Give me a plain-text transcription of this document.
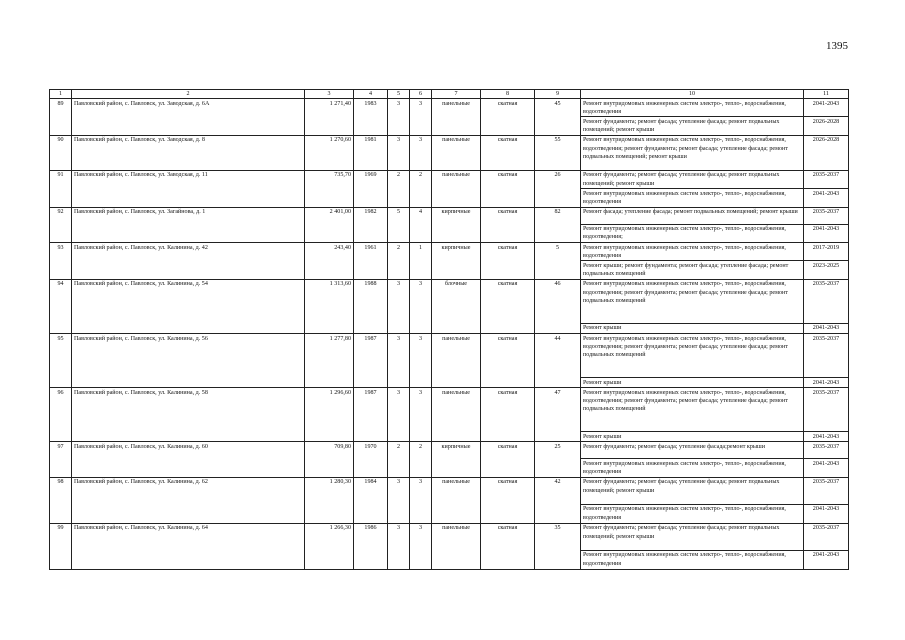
1395
1	2	3	4	5	6	7	8	9	10	11
89	Павловский район, с. Павловск, ул. Заводская, д. 6А	1 271,40	1983	3	3	панельные	скатная	45	Ремонт внутридомовых инженерных систем электро-, тепло-, водоснабжения, водоотведения	2041-2043
									Ремонт фундамента; ремонт фасада; утепление фасада; ремонт подвальных помещений; ремонт крыши	2026-2028
90	Павловский район, с. Павловск, ул. Заводская, д. 8	1 270,60	1981	3	3	панельные	скатная	55	Ремонт внутридомовых инженерных систем электро-, тепло-, водоснабжения, водоотведения; ремонт фундамента; ремонт фасада; утепление фасада; ремонт подвальных помещений; ремонт крыши	2026-2028
91	Павловский район, с. Павловск, ул. Заводская, д. 11	735,70	1969	2	2	панельные	скатная	26	Ремонт фундамента; ремонт фасада; утепление фасада; ремонт подвальных помещений; ремонт крыши	2035-2037
									Ремонт внутридомовых инженерных систем электро-, тепло-, водоснабжения, водоотведения	2041-2043
92	Павловский район, с. Павловск, ул. Загайнова, д. 1	2 401,00	1982	5	4	кирпичные	скатная	82	Ремонт фасада; утепление фасада; ремонт подвальных помещений; ремонт крыши	2035-2037
									Ремонт внутридомовых инженерных систем электро-, тепло-, водоснабжения, водоотведения;	2041-2043
93	Павловский район, с. Павловск, ул. Калинина, д. 42	243,40	1961	2	1	кирпичные	скатная	5	Ремонт внутридомовых инженерных систем электро-, тепло-, водоснабжения, водоотведения	2017-2019
									Ремонт крыши; ремонт фундамента; ремонт фасада; утепление фасада; ремонт подвальных помещений	2023-2025
94	Павловский район, с. Павловск, ул. Калинина, д. 54	1 313,60	1988	3	3	блочные	скатная	46	Ремонт внутридомовых инженерных систем электро-, тепло-, водоснабжения, водоотведения; ремонт фундамента; ремонт фасада; утепление фасада; ремонт подвальных помещений	2035-2037
									Ремонт крыши	2041-2043
95	Павловский район, с. Павловск, ул. Калинина, д. 56	1 277,80	1987	3	3	панельные	скатная	44	Ремонт внутридомовых инженерных систем электро-, тепло-, водоснабжения, водоотведения; ремонт фундамента; ремонт фасада; утепление фасада; ремонт подвальных помещений	2035-2037
									Ремонт крыши	2041-2043
96	Павловский район, с. Павловск, ул. Калинина, д. 58	1 296,60	1987	3	3	панельные	скатная	47	Ремонт внутридомовых инженерных систем электро-, тепло-, водоснабжения, водоотведения; ремонт фундамента; ремонт фасада; утепление фасада; ремонт подвальных помещений	2035-2037
									Ремонт крыши	2041-2043
97	Павловский район, с. Павловск, ул. Калинина, д. 60	709,80	1970	2	2	кирпичные	скатная	25	Ремонт фундамента; ремонт фасада; утепление фасада;ремонт крыши	2035-2037
									Ремонт внутридомовых инженерных систем электро-, тепло-, водоснабжения, водоотведения	2041-2043
98	Павловский район, с. Павловск, ул. Калинина, д. 62	1 280,30	1984	3	3	панельные	скатная	42	Ремонт фундамента; ремонт фасада; утепление фасада; ремонт подвальных помещений; ремонт крыши	2035-2037
									Ремонт внутридомовых инженерных систем электро-, тепло-, водоснабжения, водоотведения	2041-2043
99	Павловский район, с. Павловск, ул. Калинина, д. 64	1 266,30	1986	3	3	панельные	скатная	35	Ремонт фундамента; ремонт фасада; утепление фасада; ремонт подвальных помещений; ремонт крыши	2035-2037
									Ремонт внутридомовых инженерных систем электро-, тепло-, водоснабжения, водоотведения	2041-2043
